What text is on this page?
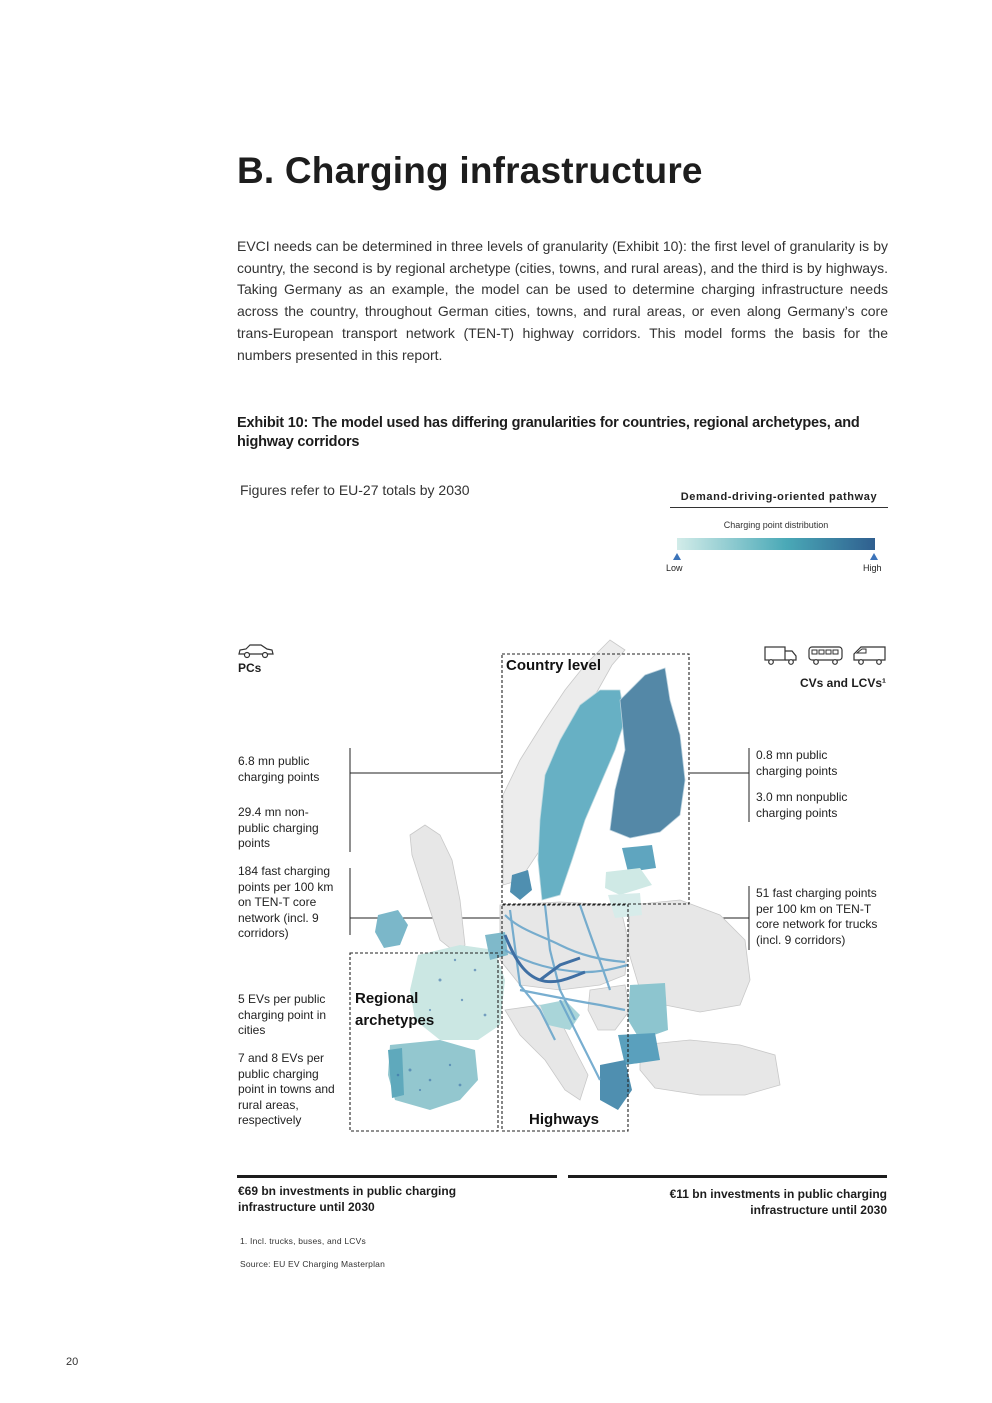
B. Charging infrastructure

EVCI needs can be determined in three levels of granularity (Exhibit 10): the first level of granularity is by country, the second is by regional archetype (cities, towns, and rural areas), and the third is by highways. Taking Germany as an example, the model can be used to determine charging infrastructure needs across the country, throughout German cities, towns, and rural areas, or even along Germany’s core trans-European transport network (TEN-T) highway corridors. This model forms the basis for the numbers presented in this report.

Exhibit 10: The model used has differing granularities for countries, regional archetypes, and highway corridors

Figures refer to EU-27 totals by 2030	Demand-driving-oriented pathway
Charging point distribution
Low	High
PCs
CVs and LCVs¹
6.8 mn public charging points
29.4 mn non-public charging points
184 fast charging points per 100 km on TEN-T core network (incl. 9 corridors)
5 EVs per public charging point in cities
7 and 8 EVs per public charging point in towns and rural areas, respectively
0.8 mn public charging points
3.0 mn nonpublic charging points
51 fast charging points per 100 km on TEN-T core network for trucks (incl. 9 corridors)
Country level
Regional archetypes
Highways
€69 bn investments in public charging infrastructure until 2030
€11 bn investments in public charging infrastructure until 2030
1. Incl. trucks, buses, and LCVs
Source: EU EV Charging Masterplan
20
